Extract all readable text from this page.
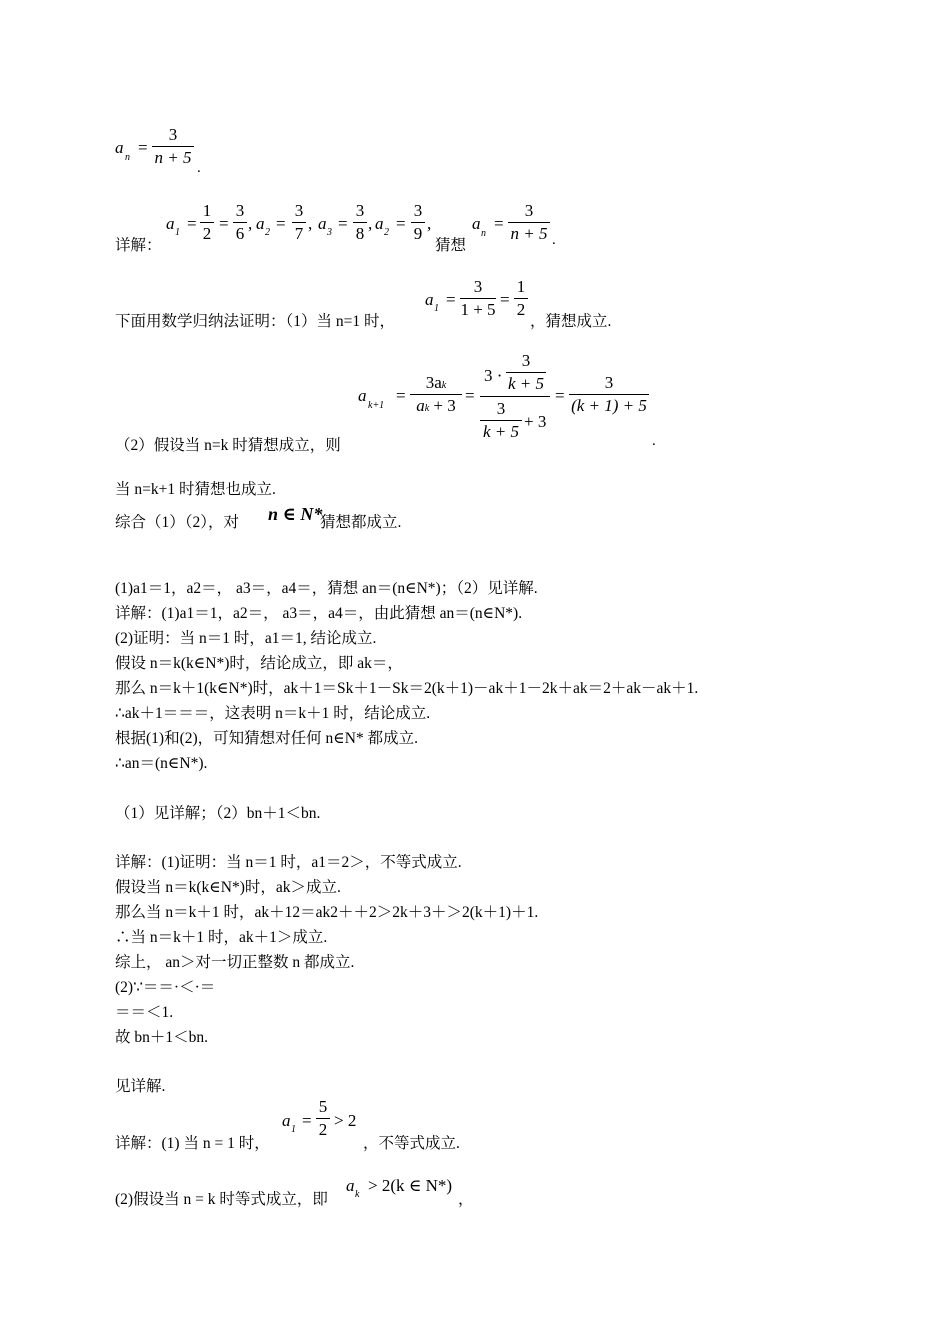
a
n
=
3
n + 5
.
详解：
a 1 =
1
2
=
3
6
, a 2 =
3
7
, a 3 =
3
8
, a 2 =
3
9
,
猜想
a
n
=
3
n + 5 .
下面用数学归纳法证明：（1）当 n=1 时，
a 1 =
3
1 + 5
=
1
2
，猜想成立.
（2）假设当 n=k 时猜想成立，则
a
k+1
=
3ak
ak + 3
=
3 ·
3
k + 5
3
k + 5
+ 3
=
3
(k + 1) + 5
.
当 n=k+1 时猜想也成立.
综合（1）（2），对 n ∈ N*
猜想都成立.
(1)a1＝1，a2＝， a3＝，a4＝，猜想 an＝(n∈N*)；（2）见详解.
详解：(1)a1＝1，a2＝， a3＝，a4＝，由此猜想 an＝(n∈N*).
(2)证明：当 n＝1 时，a1＝1, 结论成立.
假设 n＝k(k∈N*)时，结论成立，即 ak＝，
那么 n＝k＋1(k∈N*)时，ak＋1＝Sk＋1－Sk＝2(k＋1)－ak＋1－2k＋ak＝2＋ak－ak＋1.
∴ak＋1＝＝＝，这表明 n＝k＋1 时，结论成立.
根据(1)和(2)，可知猜想对任何 n∈N* 都成立.
∴an＝(n∈N*).
（1）见详解；（2）bn＋1＜bn.
详解：(1)证明：当 n＝1 时，a1＝2＞，不等式成立.
假设当 n＝k(k∈N*)时，ak＞成立.
那么当 n＝k＋1 时，ak＋12＝ak2＋＋2＞2k＋3＋＞2(k＋1)＋1.
∴当 n＝k＋1 时，ak＋1＞成立.
综上， an＞对一切正整数 n 都成立.
(2)∵＝＝·＜·＝
＝＝＜1.
故 bn＋1＜bn.
见详解.
详解：(1) 当 n = 1 时，
a 1 =
5
2 > 2
，不等式成立.
(2)假设当 n = k 时等式成立，即
a k > 2(k ∈ N*)
，
